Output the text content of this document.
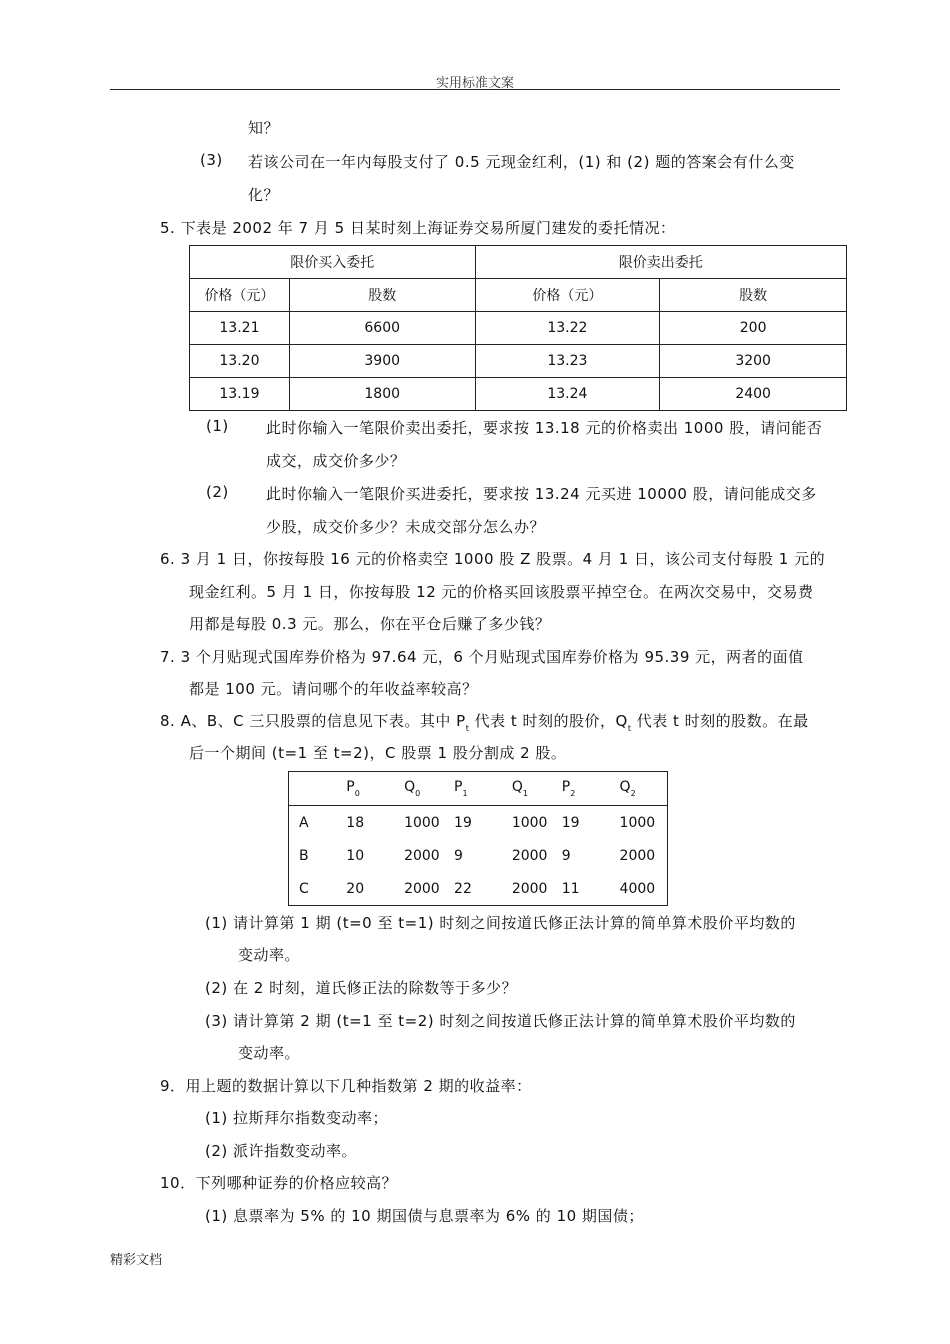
实用标准文案
知？
(3) 若该公司在一年内每股支付了 0.5 元现金红利，(1) 和 (2) 题的答案会有什么变
化？
5. 下表是 2002 年 7 月 5 日某时刻上海证券交易所厦门建发的委托情况：
限价买入委托		限价卖出委托	
价格（元）	股数	价格（元）	股数
13.21	6600	13.22	200
13.20	3900	13.23	3200
13.19	1800	13.24	2400
(1) 此时你输入一笔限价卖出委托，要求按 13.18 元的价格卖出 1000 股，请问能否
成交，成交价多少？
(2) 此时你输入一笔限价买进委托，要求按 13.24 元买进 10000 股，请问能成交多
少股，成交价多少？未成交部分怎么办？
6. 3 月 1 日，你按每股 16 元的价格卖空 1000 股 Z 股票。4 月 1 日，该公司支付每股 1 元的
现金红利。5 月 1 日，你按每股 12 元的价格买回该股票平掉空仓。在两次交易中，交易费
用都是每股 0.3 元。那么，你在平仓后赚了多少钱？
7. 3 个月贴现式国库券价格为 97.64 元，6 个月贴现式国库券价格为 95.39 元，两者的面值
都是 100 元。请问哪个的年收益率较高？
8. A、B、C 三只股票的信息见下表。其中 $P_t$ 代表 t 时刻的股价，$Q_t$ 代表 t 时刻的股数。在最
后一个期间 (t=1 至 t=2)，C 股票 1 股分割成 2 股。
	$P_0$	$Q_0$	$P_1$	$Q_1$	$P_2$	$Q_2$
A	18	1000	19	1000	19	1000
B	10	2000	9	2000	9	2000
C	20	2000	22	2000	11	4000
(1) 请计算第 1 期 (t=0 至 t=1) 时刻之间按道氏修正法计算的简单算术股价平均数的
变动率。
(2) 在 2 时刻，道氏修正法的除数等于多少？
(3) 请计算第 2 期 (t=1 至 t=2) 时刻之间按道氏修正法计算的简单算术股价平均数的
变动率。
9．用上题的数据计算以下几种指数第 2 期的收益率：
(1) 拉斯拜尔指数变动率；
(2) 派许指数变动率。
10．下列哪种证券的价格应较高？
(1) 息票率为 5% 的 10 期国债与息票率为 6% 的 10 期国债；
精彩文档
